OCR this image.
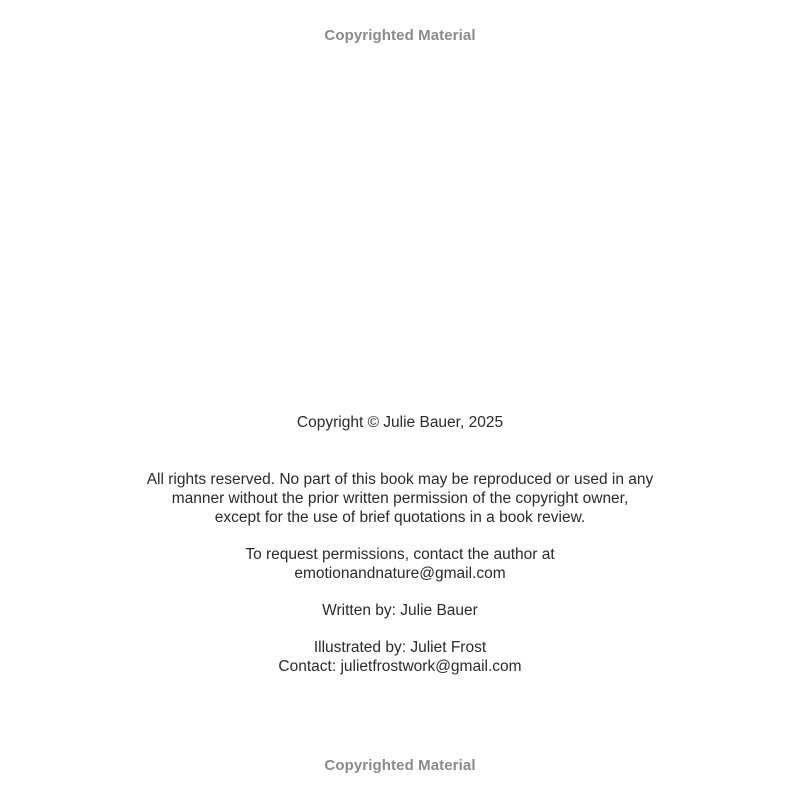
Copyrighted Material

Copyright © Julie Bauer, 2025

All rights reserved. No part of this book may be reproduced or used in any
manner without the prior written permission of the copyright owner,
except for the use of brief quotations in a book review.

To request permissions, contact the author at
emotionandnature@gmail.com

Written by: Julie Bauer

Illustrated by: Juliet Frost
Contact: julietfrostwork@gmail.com

Copyrighted Material
